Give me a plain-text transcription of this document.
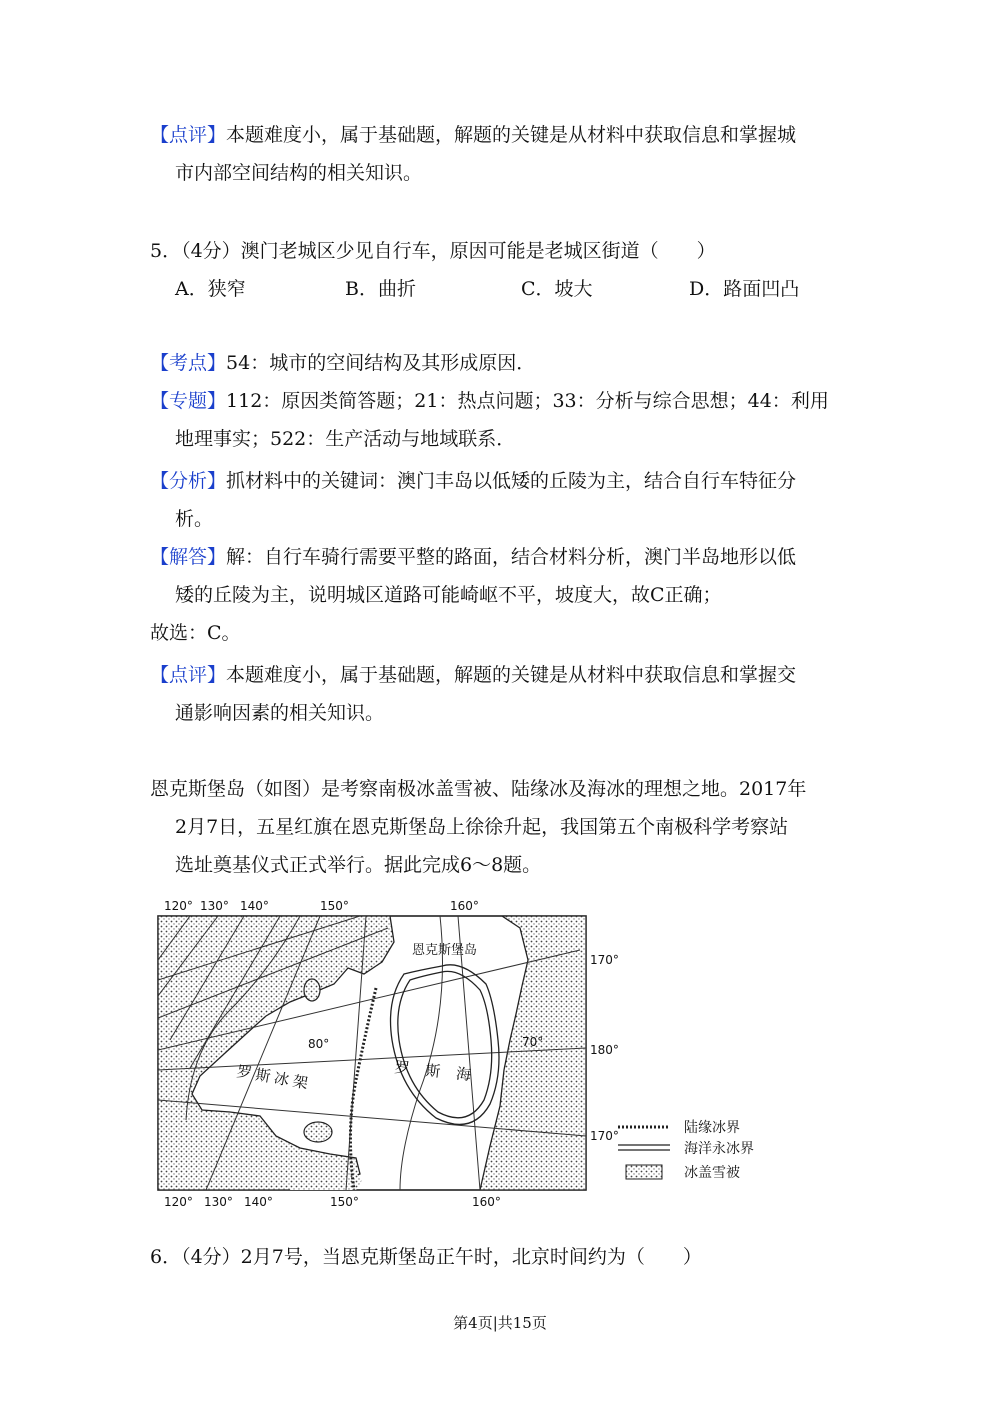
【点评】本题难度小，属于基础题，解题的关键是从材料中获取信息和掌握城
市内部空间结构的相关知识。
5．（4分）澳门老城区少见自行车，原因可能是老城区街道（　　）
A．狭窄	B．曲折	C．坡大	D．路面凹凸
【考点】54：城市的空间结构及其形成原因．
【专题】112：原因类简答题；21：热点问题；33：分析与综合思想；44：利用
地理事实；522：生产活动与地域联系．
【分析】抓材料中的关键词：澳门丰岛以低矮的丘陵为主，结合自行车特征分
析。
【解答】解：自行车骑行需要平整的路面，结合材料分析，澳门半岛地形以低
矮的丘陵为主，说明城区道路可能崎岖不平，坡度大，故C正确；
故选：C。
【点评】本题难度小，属于基础题，解题的关键是从材料中获取信息和掌握交
通影响因素的相关知识。
恩克斯堡岛（如图）是考察南极冰盖雪被、陆缘冰及海冰的理想之地。2017年
2月7日，五星红旗在恩克斯堡岛上徐徐升起，我国第五个南极科学考察站
选址奠基仪式正式举行。据此完成6～8题。
120° 130° 140°	150°	160°
120° 130° 140°	150°	160°
170°
180°
170°
80°	70°
恩克斯堡岛
罗斯冰架	罗斯海
陆缘冰界
海洋永冰界
冰盖雪被
6．（4分）2月7号，当恩克斯堡岛正午时，北京时间约为（　　）
第4页|共15页
